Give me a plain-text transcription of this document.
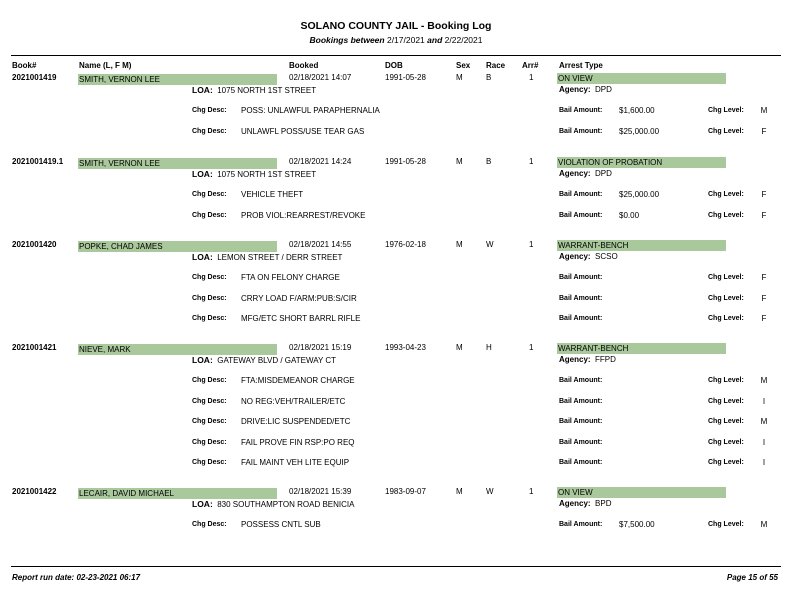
SOLANO COUNTY JAIL - Booking Log
Bookings between 2/17/2021 and 2/22/2021
Book#	Name (L, F M)	Booked	DOB	Sex Race Arr#	Arrest Type
2021001419	SMITH, VERNON LEE	02/18/2021 14:07	1991-05-28	M	B	1	ON VIEW
LOA: 1075 NORTH 1ST STREET	Agency: DPD
Chg Desc: POSS: UNLAWFUL PARAPHERNALIA	Bail Amount: $1,600.00	Chg Level:	M
Chg Desc: UNLAWFL POSS/USE TEAR GAS	Bail Amount: $25,000.00	Chg Level:	F
2021001419.1 SMITH, VERNON LEE	02/18/2021 14:24	1991-05-28	M	B	1	VIOLATION OF PROBATION
LOA: 1075 NORTH 1ST STREET	Agency: DPD
Chg Desc: VEHICLE THEFT	Bail Amount: $25,000.00	Chg Level:	F
Chg Desc: PROB VIOL:REARREST/REVOKE	Bail Amount: $0.00	Chg Level:	F
2021001420	POPKE, CHAD JAMES	02/18/2021 14:55	1976-02-18	M	W	1	WARRANT-BENCH
LOA: LEMON STREET / DERR STREET	Agency: SCSO
Chg Desc: FTA ON FELONY CHARGE	Bail Amount:	Chg Level:	F
Chg Desc: CRRY LOAD F/ARM:PUB:S/CIR	Bail Amount:	Chg Level:	F
Chg Desc: MFG/ETC SHORT BARRL RIFLE	Bail Amount:	Chg Level:	F
2021001421	NIEVE, MARK	02/18/2021 15:19	1993-04-23	M	H	1	WARRANT-BENCH
LOA: GATEWAY BLVD / GATEWAY CT	Agency: FFPD
Chg Desc: FTA:MISDEMEANOR CHARGE	Bail Amount:	Chg Level:	M
Chg Desc: NO REG:VEH/TRAILER/ETC	Bail Amount:	Chg Level:	I
Chg Desc: DRIVE:LIC SUSPENDED/ETC	Bail Amount:	Chg Level:	M
Chg Desc: FAIL PROVE FIN RSP:PO REQ	Bail Amount:	Chg Level:	I
Chg Desc: FAIL MAINT VEH LITE EQUIP	Bail Amount:	Chg Level:	I
2021001422	LECAIR, DAVID MICHAEL	02/18/2021 15:39	1983-09-07	M	W	1	ON VIEW
LOA: 830 SOUTHAMPTON ROAD BENICIA	Agency: BPD
Chg Desc: POSSESS CNTL SUB	Bail Amount: $7,500.00	Chg Level:	M
Report run date: 02-23-2021 06:17	Page 15 of 55
